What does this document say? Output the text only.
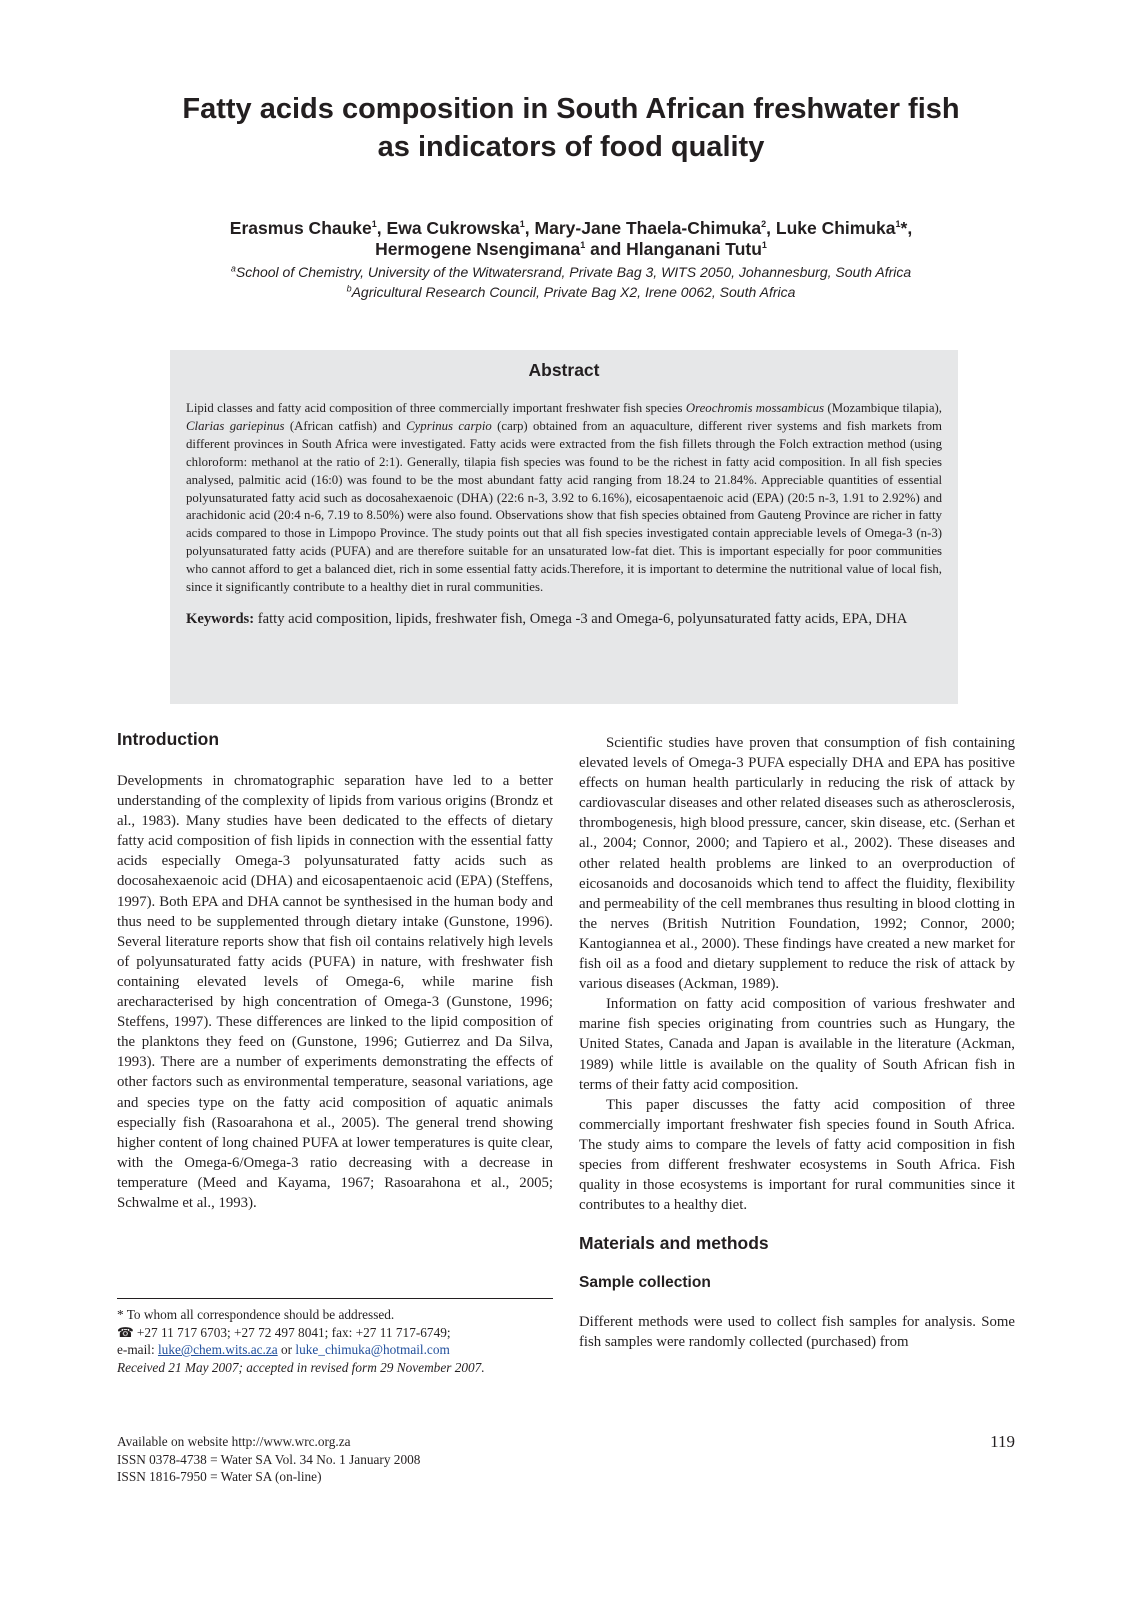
Fatty acids composition in South African freshwater fish
as indicators of food quality
Erasmus Chauke$^1$, Ewa Cukrowska$^1$, Mary-Jane Thaela-Chimuka$^2$, Luke Chimuka$^1$*,
Hermogene Nsengimana$^1$ and Hlanganani Tutu$^1$
$^a$School of Chemistry, University of the Witwatersrand, Private Bag 3, WITS 2050, Johannesburg, South Africa
$^b$Agricultural Research Council, Private Bag X2, Irene 0062, South Africa
Abstract
Lipid classes and fatty acid composition of three commercially important freshwater fish species Oreochromis mossambicus (Mozambique tilapia), Clarias gariepinus (African catfish) and Cyprinus carpio (carp) obtained from an aquaculture, different river systems and fish markets from different provinces in South Africa were investigated. Fatty acids were extracted from the fish fillets through the Folch extraction method (using chloroform: methanol at the ratio of 2:1). Generally, tilapia fish species was found to be the richest in fatty acid composition. In all fish species analysed, palmitic acid (16:0) was found to be the most abundant fatty acid ranging from 18.24 to 21.84%. Appreciable quantities of essential polyunsaturated fatty acid such as docosahexaenoic (DHA) (22:6 n-3, 3.92 to 6.16%), eicosapentaenoic acid (EPA) (20:5 n-3, 1.91 to 2.92%) and arachidonic acid (20:4 n-6, 7.19 to 8.50%) were also found. Observations show that fish species obtained from Gauteng Province are richer in fatty acids compared to those in Limpopo Province. The study points out that all fish species investigated contain appreciable levels of Omega-3 (n-3) polyunsaturated fatty acids (PUFA) and are therefore suitable for an unsaturated low-fat diet. This is important especially for poor communities who cannot afford to get a balanced diet, rich in some essential fatty acids.Therefore, it is important to determine the nutritional value of local fish, since it significantly contribute to a healthy diet in rural communities.
Keywords: fatty acid composition, lipids, freshwater fish, Omega -3 and Omega-6, polyunsaturated fatty acids, EPA, DHA
Introduction

Developments in chromatographic separation have led to a better understanding of the complexity of lipids from various origins (Brondz et al., 1983). Many studies have been dedicated to the effects of dietary fatty acid composition of fish lipids in connection with the essential fatty acids especially Omega-3 polyunsaturated fatty acids such as docosahexaenoic acid (DHA) and eicosapentaenoic acid (EPA) (Steffens, 1997). Both EPA and DHA cannot be synthesised in the human body and thus need to be supplemented through dietary intake (Gunstone, 1996). Several literature reports show that fish oil contains relatively high levels of polyunsaturated fatty acids (PUFA) in nature, with freshwater fish containing elevated levels of Omega-6, while marine fish arecharacterised by high concentration of Omega-3 (Gunstone, 1996; Steffens, 1997). These differences are linked to the lipid composition of the planktons they feed on (Gunstone, 1996; Gutierrez and Da Silva, 1993). There are a number of experiments demonstrating the effects of other factors such as environmental temperature, seasonal variations, age and species type on the fatty acid composition of aquatic animals especially fish (Rasoarahona et al., 2005). The general trend showing higher content of long chained PUFA at lower temperatures is quite clear, with the Omega-6/Omega-3 ratio decreasing with a decrease in temperature (Meed and Kayama, 1967; Rasoarahona et al., 2005; Schwalme et al., 1993).

Scientific studies have proven that consumption of fish containing elevated levels of Omega-3 PUFA especially DHA and EPA has positive effects on human health particularly in reducing the risk of attack by cardiovascular diseases and other related diseases such as atherosclerosis, thrombogenesis, high blood pressure, cancer, skin disease, etc. (Serhan et al., 2004; Connor, 2000; and Tapiero et al., 2002). These diseases and other related health problems are linked to an overproduction of eicosanoids and docosanoids which tend to affect the fluidity, flexibility and permeability of the cell membranes thus resulting in blood clotting in the nerves (British Nutrition Foundation, 1992; Connor, 2000; Kantogiannea et al., 2000). These findings have created a new market for fish oil as a food and dietary supplement to reduce the risk of attack by various diseases (Ackman, 1989).

Information on fatty acid composition of various freshwater and marine fish species originating from countries such as Hungary, the United States, Canada and Japan is available in the literature (Ackman, 1989) while little is available on the quality of South African fish in terms of their fatty acid composition.

This paper discusses the fatty acid composition of three commercially important freshwater fish species found in South Africa. The study aims to compare the levels of fatty acid composition in fish species from different freshwater ecosystems in South Africa. Fish quality in those ecosystems is important for rural communities since it contributes to a healthy diet.

Materials and methods
Sample collection

Different methods were used to collect fish samples for analysis. Some fish samples were randomly collected (purchased) from

* To whom all correspondence should be addressed.
☎ +27 11 717 6703; +27 72 497 8041; fax: +27 11 717-6749;
e-mail: luke@chem.wits.ac.za or luke_chimuka@hotmail.com
Received 21 May 2007; accepted in revised form 29 November 2007.
Available on website http://www.wrc.org.za
ISSN 0378-4738 = Water SA Vol. 34 No. 1 January 2008
ISSN 1816-7950 = Water SA (on-line)
119
